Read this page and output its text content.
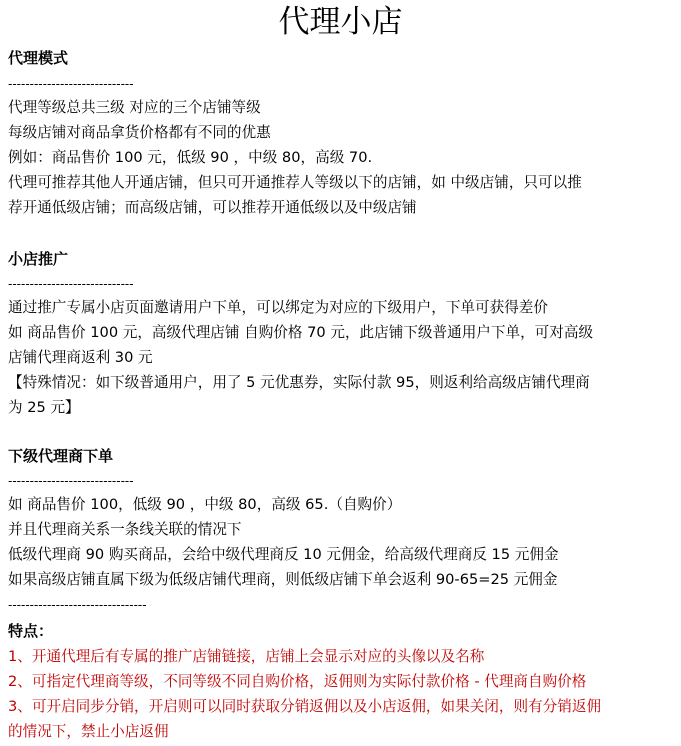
代理小店
代理模式
-----------------------------
代理等级总共三级 对应的三个店铺等级
每级店铺对商品拿货价格都有不同的优惠
例如：商品售价 100 元，低级 90 ，中级 80，高级 70.
代理可推荐其他人开通店铺，但只可开通推荐人等级以下的店铺，如 中级店铺，只可以推
荐开通低级店铺；而高级店铺，可以推荐开通低级以及中级店铺
小店推广
-----------------------------
通过推广专属小店页面邀请用户下单，可以绑定为对应的下级用户，下单可获得差价
如 商品售价 100 元，高级代理店铺 自购价格 70 元，此店铺下级普通用户下单，可对高级
店铺代理商返利 30 元
【特殊情况：如下级普通用户，用了 5 元优惠券，实际付款 95，则返利给高级店铺代理商
为 25 元】
下级代理商下单
-----------------------------
如 商品售价 100，低级 90 ，中级 80，高级 65.（自购价）
并且代理商关系一条线关联的情况下
低级代理商 90 购买商品，会给中级代理商反 10 元佣金，给高级代理商反 15 元佣金
如果高级店铺直属下级为低级店铺代理商，则低级店铺下单会返利 90-65=25 元佣金
--------------------------------
特点：
1、开通代理后有专属的推广店铺链接，店铺上会显示对应的头像以及名称
2、可指定代理商等级，不同等级不同自购价格，返佣则为实际付款价格 - 代理商自购价格
3、可开启同步分销，开启则可以同时获取分销返佣以及小店返佣，如果关闭，则有分销返佣
的情况下，禁止小店返佣
